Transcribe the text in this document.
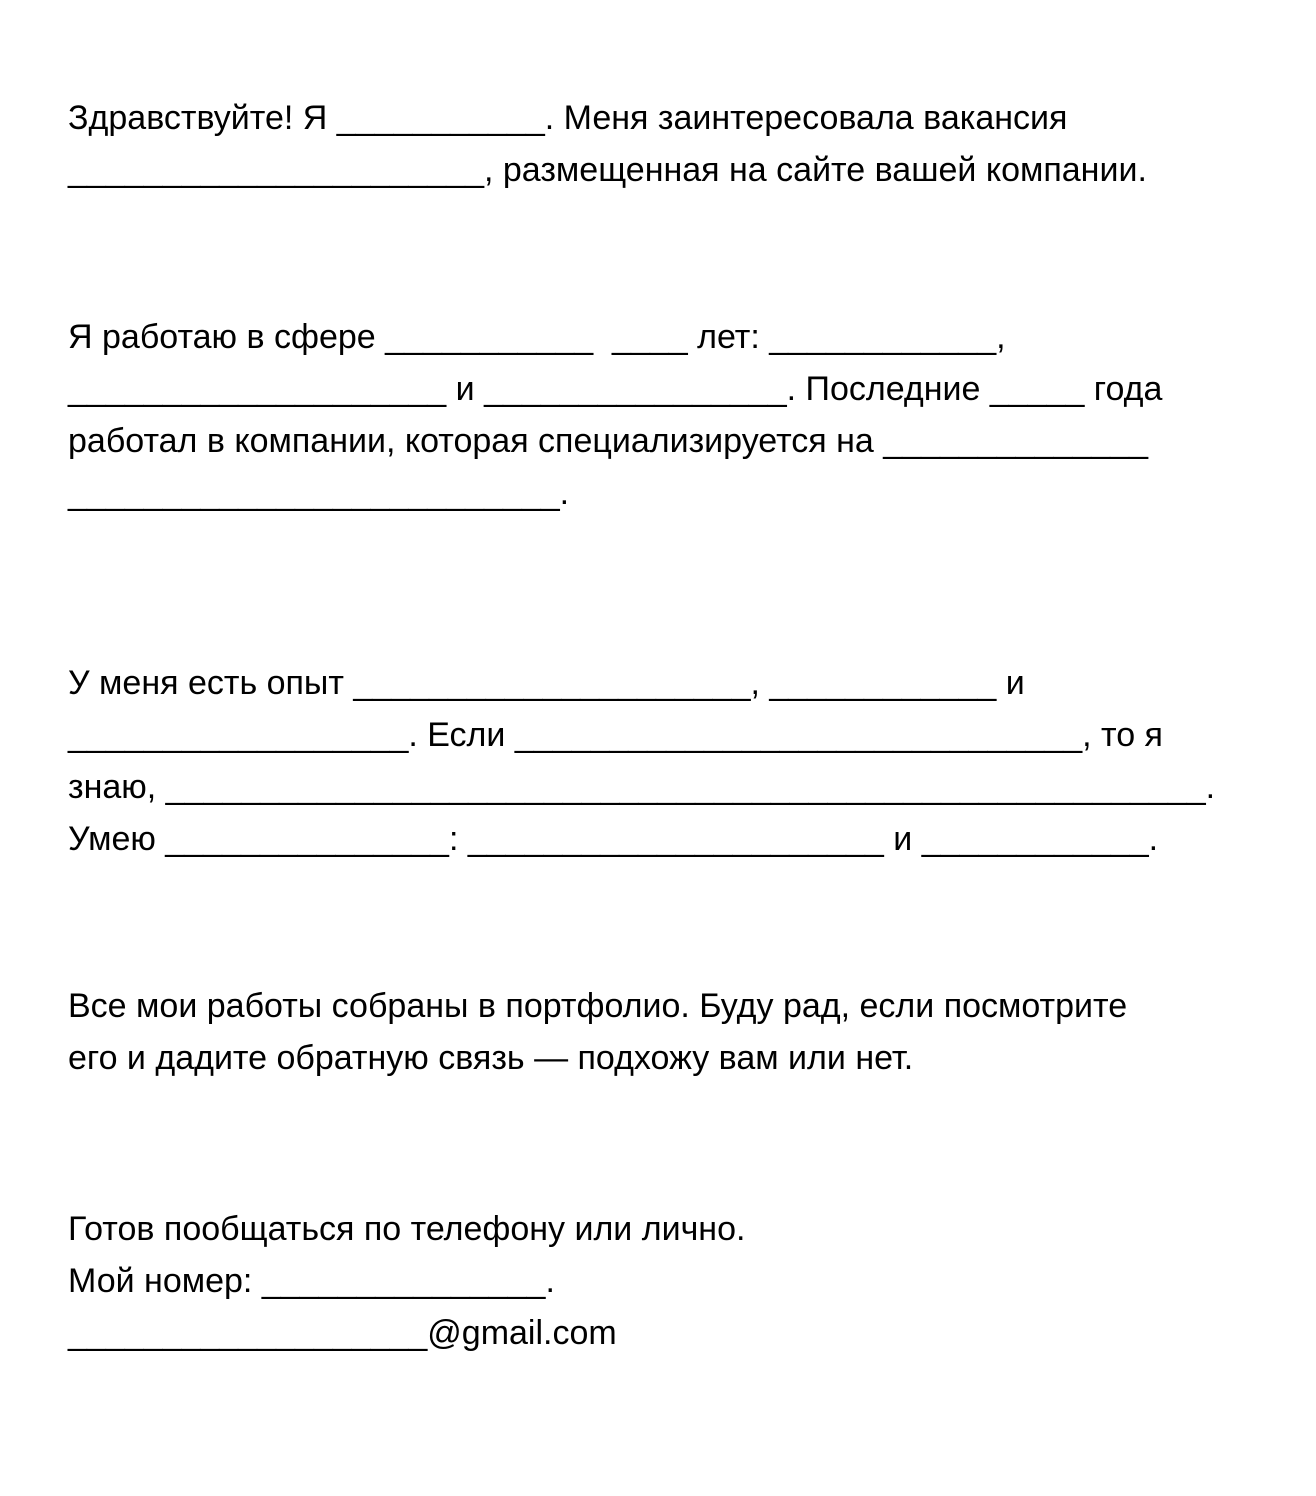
Здравствуйте! Я ___________. Меня заинтересовала вакансия

______________________, размещенная на сайте вашей компании.

Я работаю в сфере ___________  ____ лет: ____________,

____________________ и ________________. Последние _____ года

работал в компании, которая специализируется на ______________

__________________________.

У меня есть опыт _____________________, ____________ и

__________________. Если ______________________________, то я

знаю, _______________________________________________________.

Умею _______________: ______________________ и ____________.

Все мои работы собраны в портфолио. Буду рад, если посмотрите

его и дадите обратную связь — подхожу вам или нет.

Готов пообщаться по телефону или лично.

Мой номер: _______________.

___________________@gmail.com
